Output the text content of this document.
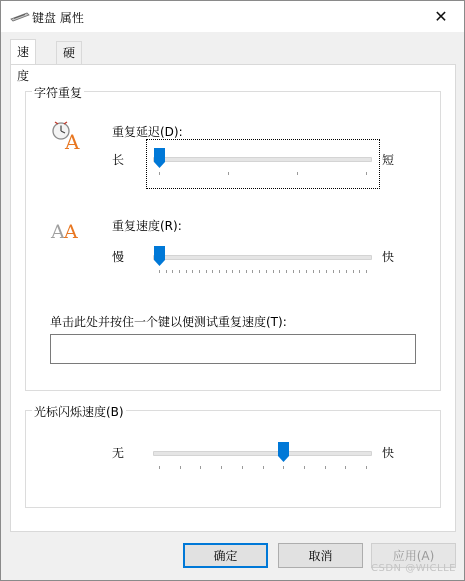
键盘 属性	✕
速度
硬
字符重复
A	重复延迟(D):
长	短
A A	重复速度(R):
慢	快
单击此处并按住一个键以便测试重复速度(T):
光标闪烁速度(B)
无	快
确定	取消	应用(A)
CSDN @WICLLE
